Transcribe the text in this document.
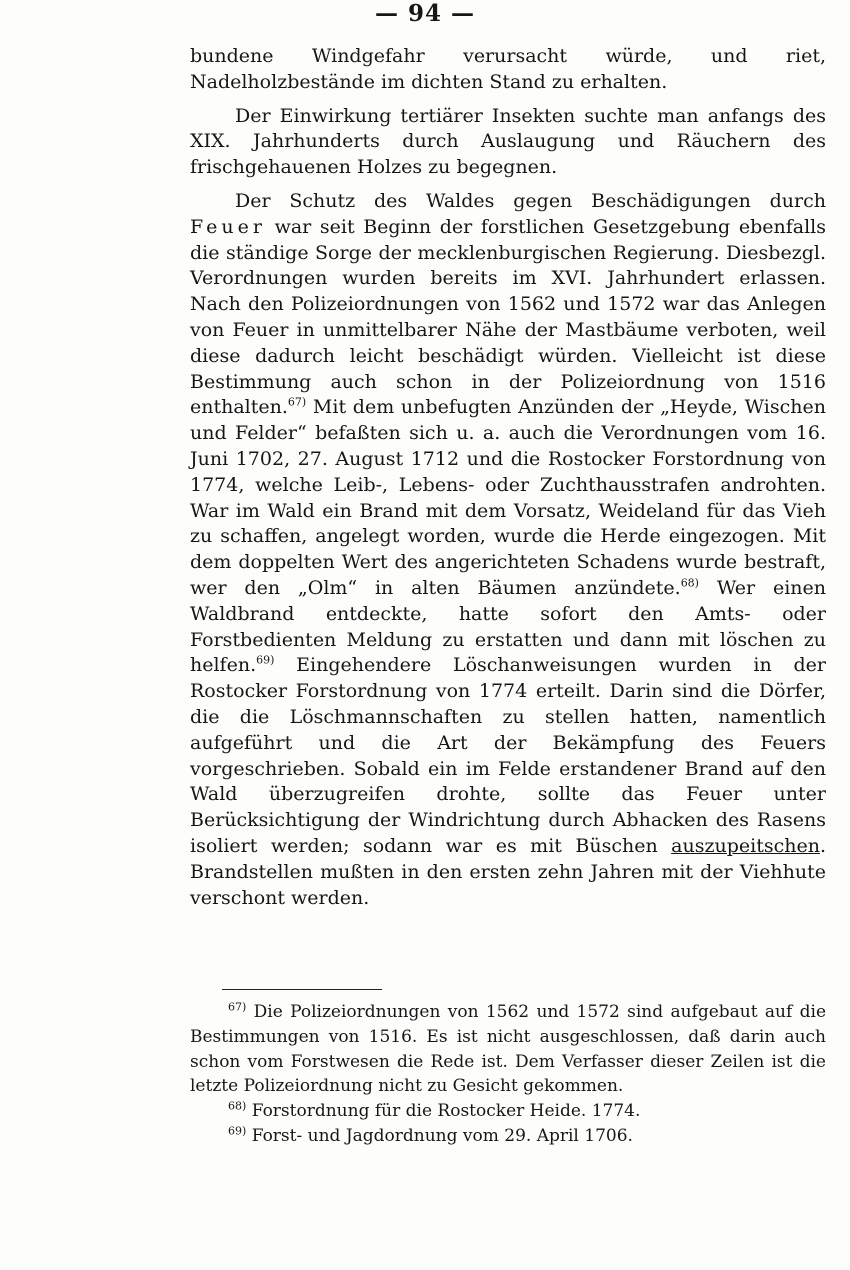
— 94 —

bundene Windgefahr verursacht würde, und riet, Nadelholzbestände im dichten Stand zu erhalten.

Der Einwirkung tertiärer Insekten suchte man anfangs des XIX. Jahrhunderts durch Auslaugung und Räuchern des frischgehauenen Holzes zu begegnen.

Der Schutz des Waldes gegen Beschädigungen durch Feuer war seit Beginn der forstlichen Gesetzgebung ebenfalls die ständige Sorge der mecklenburgischen Regierung. Diesbezgl. Verordnungen wurden bereits im XVI. Jahrhundert erlassen. Nach den Polizeiordnungen von 1562 und 1572 war das Anlegen von Feuer in unmittelbarer Nähe der Mastbäume verboten, weil diese dadurch leicht beschädigt würden. Vielleicht ist diese Bestimmung auch schon in der Polizeiordnung von 1516 enthalten.$^{67)}$ Mit dem unbefugten Anzünden der „Heyde, Wischen und Felder“ befaßten sich u. a. auch die Verordnungen vom 16. Juni 1702, 27. August 1712 und die Rostocker Forstordnung von 1774, welche Leib-, Lebens- oder Zuchthausstrafen androhten. War im Wald ein Brand mit dem Vorsatz, Weideland für das Vieh zu schaffen, angelegt worden, wurde die Herde eingezogen. Mit dem doppelten Wert des angerichteten Schadens wurde bestraft, wer den „Olm“ in alten Bäumen anzündete.$^{68)}$ Wer einen Waldbrand entdeckte, hatte sofort den Amts- oder Forstbedienten Meldung zu erstatten und dann mit löschen zu helfen.$^{69)}$ Eingehendere Löschanweisungen wurden in der Rostocker Forstordnung von 1774 erteilt. Darin sind die Dörfer, die die Löschmannschaften zu stellen hatten, namentlich aufgeführt und die Art der Bekämpfung des Feuers vorgeschrieben. Sobald ein im Felde erstandener Brand auf den Wald überzugreifen drohte, sollte das Feuer unter Berücksichtigung der Windrichtung durch Abhacken des Rasens isoliert werden; sodann war es mit Büschen auszupeitschen. Brandstellen mußten in den ersten zehn Jahren mit der Viehhute verschont werden.

$^{67)}$ Die Polizeiordnungen von 1562 und 1572 sind aufgebaut auf die Bestimmungen von 1516. Es ist nicht ausgeschlossen, daß darin auch schon vom Forstwesen die Rede ist. Dem Verfasser dieser Zeilen ist die letzte Polizeiordnung nicht zu Gesicht gekommen.

$^{68)}$ Forstordnung für die Rostocker Heide. 1774.

$^{69)}$ Forst- und Jagdordnung vom 29. April 1706.
